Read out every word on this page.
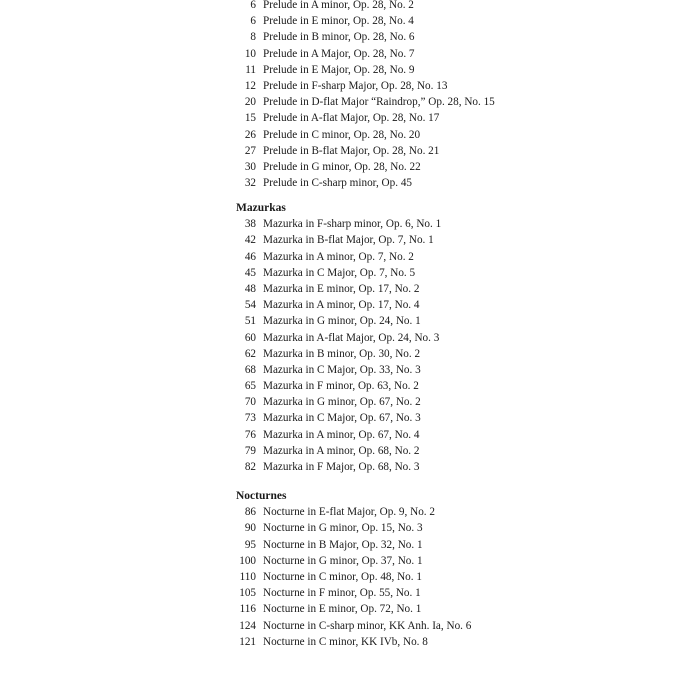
6 Prelude in A minor, Op. 28, No. 2
6 Prelude in E minor, Op. 28, No. 4
8 Prelude in B minor, Op. 28, No. 6
10 Prelude in A Major, Op. 28, No. 7
11 Prelude in E Major, Op. 28, No. 9
12 Prelude in F-sharp Major, Op. 28, No. 13
20 Prelude in D-flat Major “Raindrop,” Op. 28, No. 15
15 Prelude in A-flat Major, Op. 28, No. 17
26 Prelude in C minor, Op. 28, No. 20
27 Prelude in B-flat Major, Op. 28, No. 21
30 Prelude in G minor, Op. 28, No. 22
32 Prelude in C-sharp minor, Op. 45
Mazurkas
38 Mazurka in F-sharp minor, Op. 6, No. 1
42 Mazurka in B-flat Major, Op. 7, No. 1
46 Mazurka in A minor, Op. 7, No. 2
45 Mazurka in C Major, Op. 7, No. 5
48 Mazurka in E minor, Op. 17, No. 2
54 Mazurka in A minor, Op. 17, No. 4
51 Mazurka in G minor, Op. 24, No. 1
60 Mazurka in A-flat Major, Op. 24, No. 3
62 Mazurka in B minor, Op. 30, No. 2
68 Mazurka in C Major, Op. 33, No. 3
65 Mazurka in F minor, Op. 63, No. 2
70 Mazurka in G minor, Op. 67, No. 2
73 Mazurka in C Major, Op. 67, No. 3
76 Mazurka in A minor, Op. 67, No. 4
79 Mazurka in A minor, Op. 68, No. 2
82 Mazurka in F Major, Op. 68, No. 3
Nocturnes
86 Nocturne in E-flat Major, Op. 9, No. 2
90 Nocturne in G minor, Op. 15, No. 3
95 Nocturne in B Major, Op. 32, No. 1
100 Nocturne in G minor, Op. 37, No. 1
110 Nocturne in C minor, Op. 48, No. 1
105 Nocturne in F minor, Op. 55, No. 1
116 Nocturne in E minor, Op. 72, No. 1
124 Nocturne in C-sharp minor, KK Anh. Ia, No. 6
121 Nocturne in C minor, KK IVb, No. 8
